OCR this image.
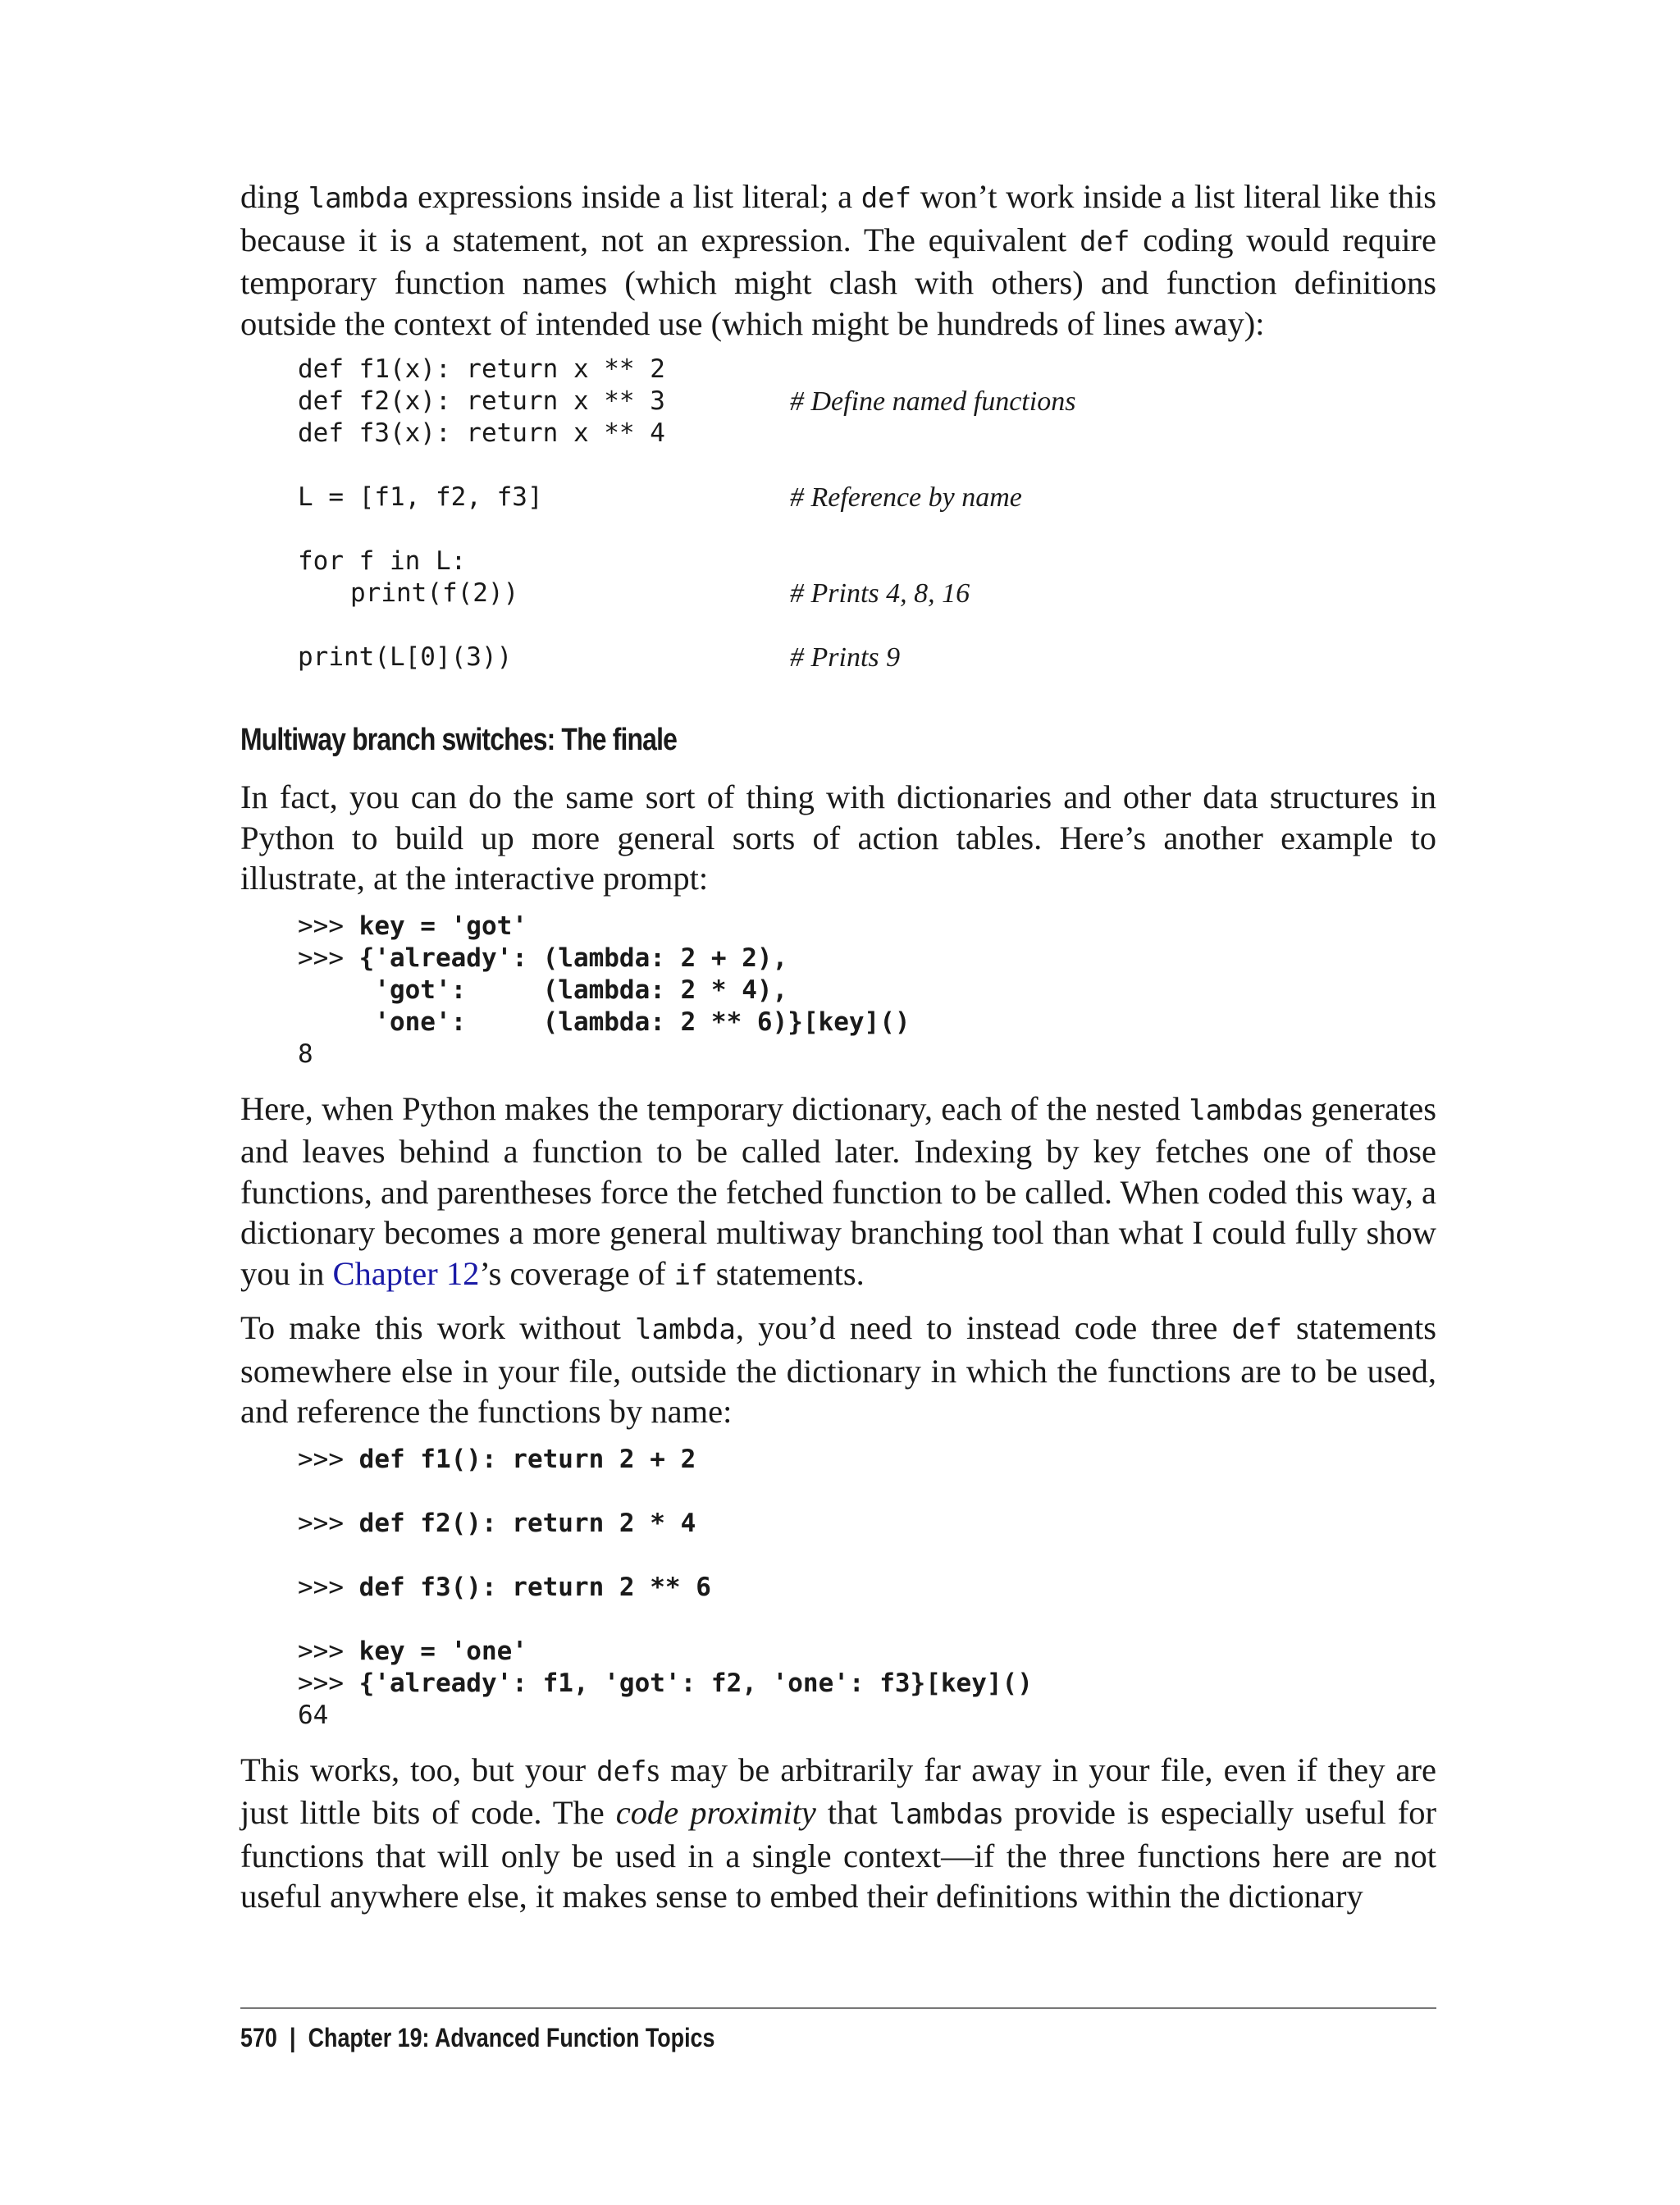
ding lambda expressions inside a list literal; a def won’t work inside a list literal like this because it is a statement, not an expression. The equivalent def coding would require temporary function names (which might clash with others) and function definitions outside the context of intended use (which might be hundreds of lines away):

def f1(x): return x ** 2
def f2(x): return x ** 3	# Define named functions
def f3(x): return x ** 4
L = [f1, f2, f3]	# Reference by name
for f in L:
print(f(2))	# Prints 4, 8, 16
print(L[0](3))	# Prints 9
Multiway branch switches: The finale

In fact, you can do the same sort of thing with dictionaries and other data structures in Python to build up more general sorts of action tables. Here’s another example to illustrate, at the interactive prompt:

>>> key = 'got'
>>> {'already': (lambda: 2 + 2),
'got':     (lambda: 2 * 4),
'one':     (lambda: 2 ** 6)}[key]()
8

Here, when Python makes the temporary dictionary, each of the nested lambdas generates and leaves behind a function to be called later. Indexing by key fetches one of those functions, and parentheses force the fetched function to be called. When coded this way, a dictionary becomes a more general multiway branching tool than what I could fully show you in Chapter 12’s coverage of if statements.

To make this work without lambda, you’d need to instead code three def statements somewhere else in your file, outside the dictionary in which the functions are to be used, and reference the functions by name:

>>> def f1(): return 2 + 2
>>> def f2(): return 2 * 4
>>> def f3(): return 2 ** 6
>>> key = 'one'
>>> {'already': f1, 'got': f2, 'one': f3}[key]()
64

This works, too, but your defs may be arbitrarily far away in your file, even if they are just little bits of code. The code proximity that lambdas provide is especially useful for functions that will only be used in a single context—if the three functions here are not useful anywhere else, it makes sense to embed their definitions within the dictionary

570 | Chapter 19: Advanced Function Topics
